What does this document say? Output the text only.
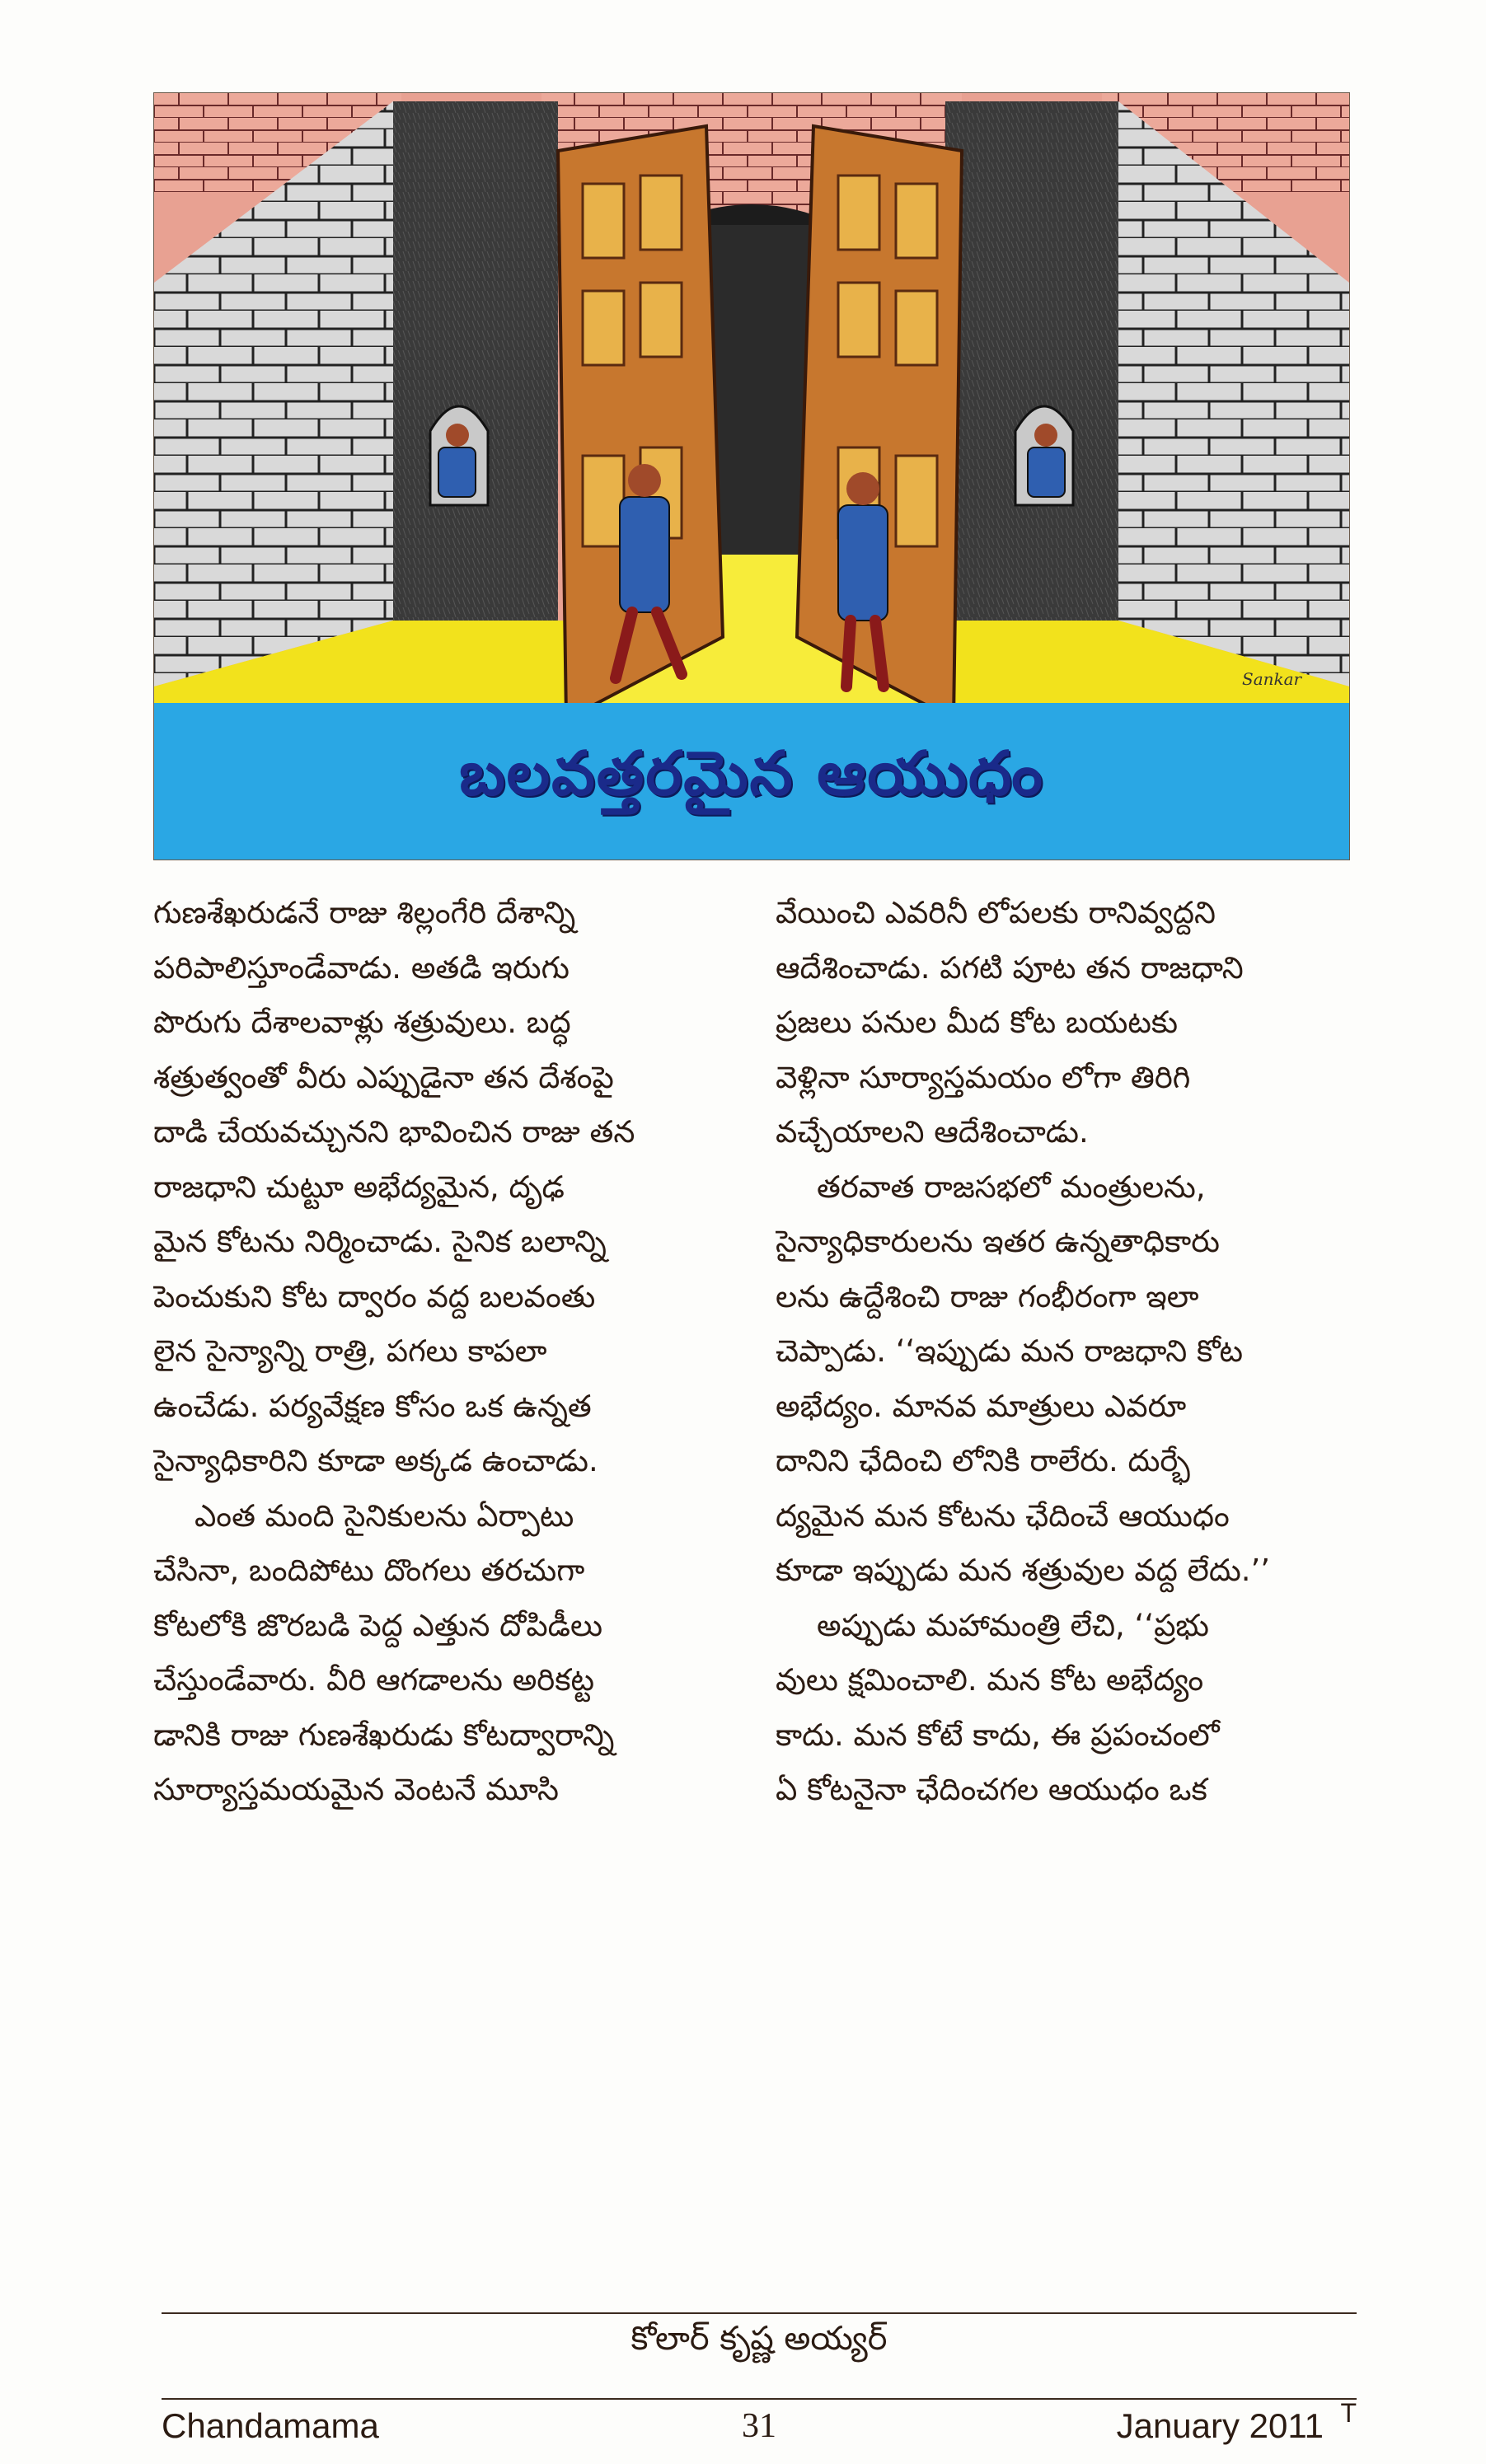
Sankar
బలవత్తరమైన ఆయుధం
గుణశేఖరుడనే రాజు శిల్లంగేరి దేశాన్ని
పరిపాలిస్తూండేవాడు. అతడి ఇరుగు
పొరుగు దేశాలవాళ్లు శత్రువులు. బద్ధ
శత్రుత్వంతో వీరు ఎప్పుడైనా తన దేశంపై
దాడి చేయవచ్చునని భావించిన రాజు తన
రాజధాని చుట్టూ అభేద్యమైన, దృఢ
మైన కోటను నిర్మించాడు. సైనిక బలాన్ని
పెంచుకుని కోట ద్వారం వద్ద బలవంతు
లైన సైన్యాన్ని రాత్రి, పగలు కాపలా
ఉంచేడు. పర్యవేక్షణ కోసం ఒక ఉన్నత
సైన్యాధికారిని కూడా అక్కడ ఉంచాడు.
ఎంత మంది సైనికులను ఏర్పాటు
చేసినా, బందిపోటు దొంగలు తరచుగా
కోటలోకి జొరబడి పెద్ద ఎత్తున దోపిడీలు
చేస్తుండేవారు. వీరి ఆగడాలను అరికట్ట
డానికి రాజు గుణశేఖరుడు కోటద్వారాన్ని
సూర్యాస్తమయమైన వెంటనే మూసి
వేయించి ఎవరినీ లోపలకు రానివ్వద్దని
ఆదేశించాడు. పగటి పూట తన రాజధాని
ప్రజలు పనుల మీద కోట బయటకు
వెళ్లినా సూర్యాస్తమయం లోగా తిరిగి
వచ్చేయాలని ఆదేశించాడు.
తరవాత రాజసభలో మంత్రులను,
సైన్యాధికారులను ఇతర ఉన్నతాధికారు
లను ఉద్దేశించి రాజు గంభీరంగా ఇలా
చెప్పాడు. ‘‘ఇప్పుడు మన రాజధాని కోట
అభేద్యం. మానవ మాత్రులు ఎవరూ
దానిని ఛేదించి లోనికి రాలేరు. దుర్భే
ద్యమైన మన కోటను ఛేదించే ఆయుధం
కూడా ఇప్పుడు మన శత్రువుల వద్ద లేదు.’’
అప్పుడు మహామంత్రి లేచి, ‘‘ప్రభు
వులు క్షమించాలి. మన కోట అభేద్యం
కాదు. మన కోటే కాదు, ఈ ప్రపంచంలో
ఏ కోటనైనా ఛేదించగల ఆయుధం ఒక
కోలార్ కృష్ణ అయ్యర్
Chandamama	31	January 2011 T
